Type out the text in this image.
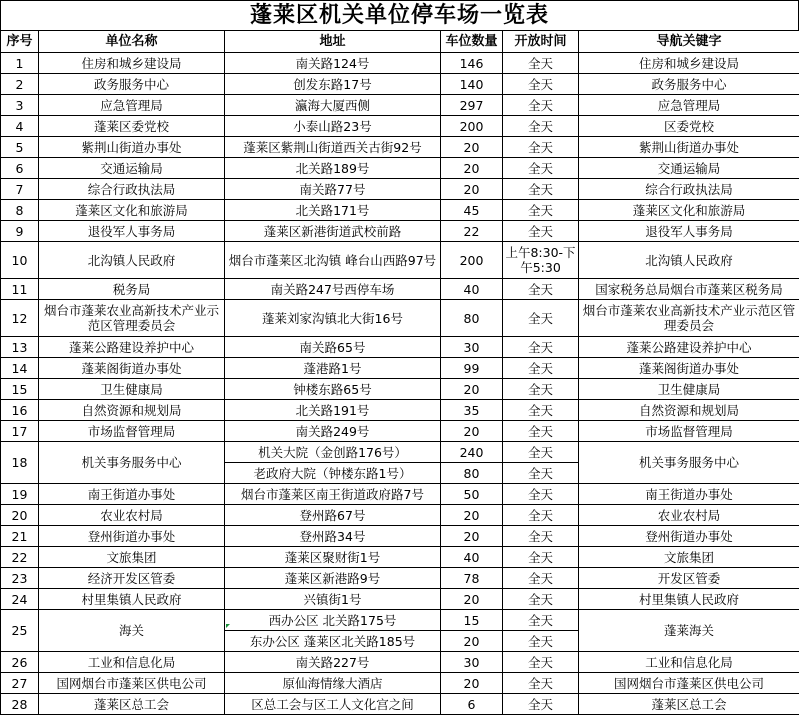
蓬莱区机关单位停车场一览表
序号	单位名称	地址	车位数量	开放时间	导航关键字
1	住房和城乡建设局	南关路124号	146	全天	住房和城乡建设局
2	政务服务中心	创发东路17号	140	全天	政务服务中心
3	应急管理局	瀛海大厦西侧	297	全天	应急管理局
4	蓬莱区委党校	小泰山路23号	200	全天	区委党校
5	紫荆山街道办事处	蓬莱区紫荆山街道西关古街92号	20	全天	紫荆山街道办事处
6	交通运输局	北关路189号	20	全天	交通运输局
7	综合行政执法局	南关路77号	20	全天	综合行政执法局
8	蓬莱区文化和旅游局	北关路171号	45	全天	蓬莱区文化和旅游局
9	退役军人事务局	蓬莱区新港街道武校前路	22	全天	退役军人事务局
10	北沟镇人民政府	烟台市蓬莱区北沟镇 峰台山西路97号	200	上午8:30-下午5:30	北沟镇人民政府
11	税务局	南关路247号西停车场	40	全天	国家税务总局烟台市蓬莱区税务局
12	烟台市蓬莱农业高新技术产业示范区管理委员会	蓬莱刘家沟镇北大街16号	80	全天	烟台市蓬莱农业高新技术产业示范区管理委员会
13	蓬莱公路建设养护中心	南关路65号	30	全天	蓬莱公路建设养护中心
14	蓬莱阁街道办事处	蓬港路1号	99	全天	蓬莱阁街道办事处
15	卫生健康局	钟楼东路65号	20	全天	卫生健康局
16	自然资源和规划局	北关路191号	35	全天	自然资源和规划局
17	市场监督管理局	南关路249号	20	全天	市场监督管理局
18	机关事务服务中心	机关大院（金创路176号）	240	全天	机关事务服务中心
		老政府大院（钟楼东路1号）	80	全天	
19	南王街道办事处	烟台市蓬莱区南王街道政府路7号	50	全天	南王街道办事处
20	农业农村局	登州路67号	20	全天	农业农村局
21	登州街道办事处	登州路34号	20	全天	登州街道办事处
22	文旅集团	蓬莱区聚财街1号	40	全天	文旅集团
23	经济开发区管委	蓬莱区新港路9号	78	全天	开发区管委
24	村里集镇人民政府	兴镇街1号	20	全天	村里集镇人民政府
25	海关	西办公区 北关路175号	15	全天	蓬莱海关
		东办公区 蓬莱区北关路185号	20	全天	
26	工业和信息化局	南关路227号	30	全天	工业和信息化局
27	国网烟台市蓬莱区供电公司	原仙海情缘大酒店	20	全天	国网烟台市蓬莱区供电公司
28	蓬莱区总工会	区总工会与区工人文化宫之间	6	全天	蓬莱区总工会
